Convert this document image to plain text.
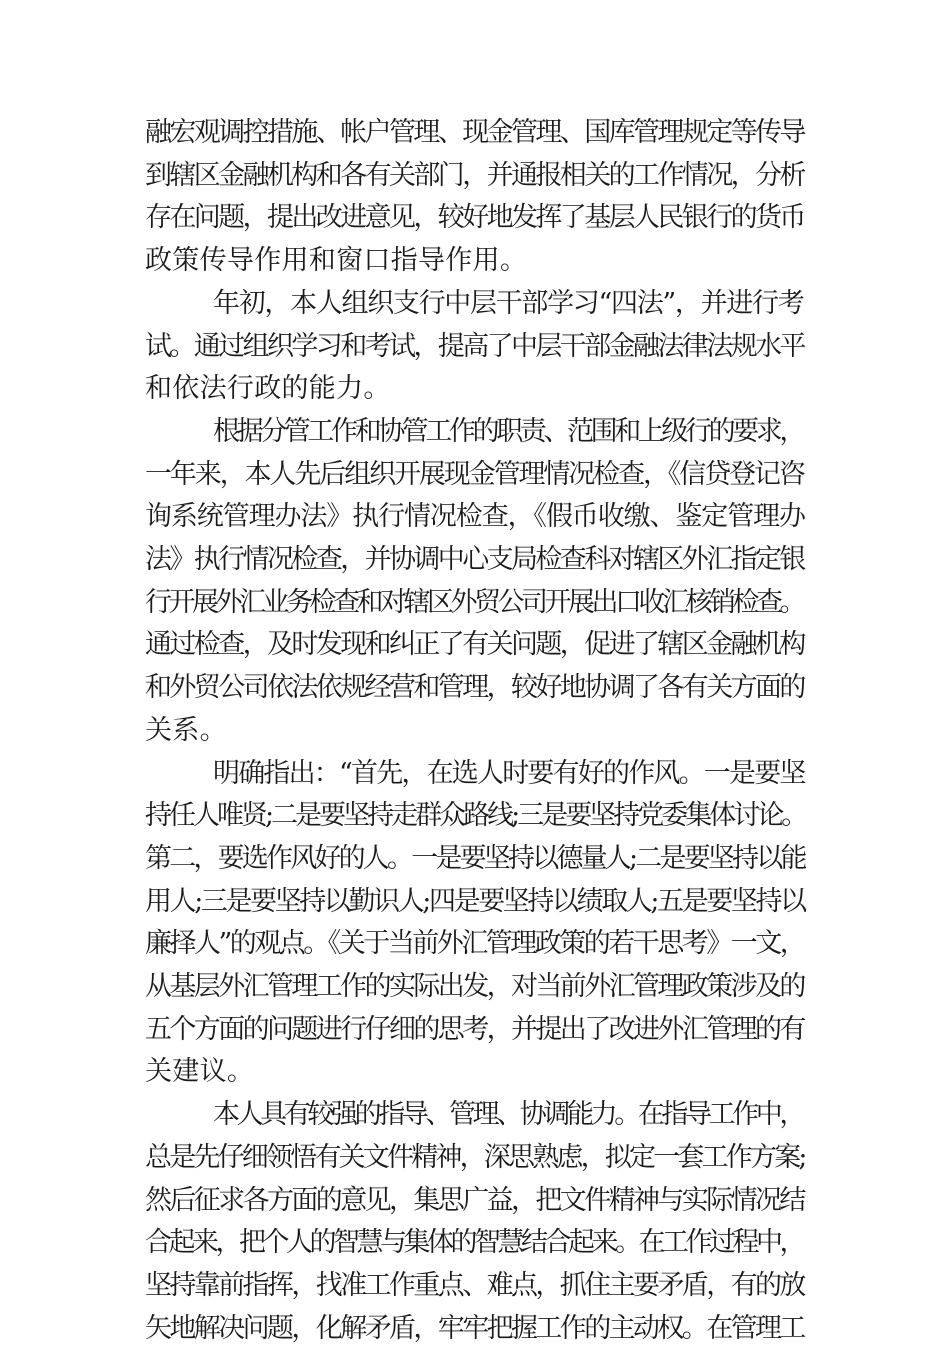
融宏观调控措施、帐户管理、现金管理、国库管理规定等传导
到辖区金融机构和各有关部门，并通报相关的工作情况，分析
存在问题，提出改进意见，较好地发挥了基层人民银行的货币
政策传导作用和窗口指导作用。

年初，本人组织支行中层干部学习“四法”，并进行考
试。通过组织学习和考试，提高了中层干部金融法律法规水平
和依法行政的能力。

根据分管工作和协管工作的职责、范围和上级行的要求，
一年来，本人先后组织开展现金管理情况检查，《信贷登记咨
询系统管理办法》执行情况检查，《假币收缴、鉴定管理办
法》执行情况检查，并协调中心支局检查科对辖区外汇指定银
行开展外汇业务检查和对辖区外贸公司开展出口收汇核销检查。
通过检查，及时发现和纠正了有关问题，促进了辖区金融机构
和外贸公司依法依规经营和管理，较好地协调了各有关方面的
关系。

明确指出：“首先，在选人时要有好的作风。一是要坚
持任人唯贤;二是要坚持走群众路线;三是要坚持党委集体讨论。
第二，要选作风好的人。一是要坚持以德量人;二是要坚持以能
用人;三是要坚持以勤识人;四是要坚持以绩取人;五是要坚持以
廉择人”的观点。《关于当前外汇管理政策的若干思考》一文，
从基层外汇管理工作的实际出发，对当前外汇管理政策涉及的
五个方面的问题进行仔细的思考，并提出了改进外汇管理的有
关建议。

本人具有较强的指导、管理、协调能力。在指导工作中，
总是先仔细领悟有关文件精神，深思熟虑，拟定一套工作方案;
然后征求各方面的意见，集思广益，把文件精神与实际情况结
合起来，把个人的智慧与集体的智慧结合起来。在工作过程中，
坚持靠前指挥，找准工作重点、难点，抓住主要矛盾，有的放
矢地解决问题，化解矛盾，牢牢把握工作的主动权。在管理工
